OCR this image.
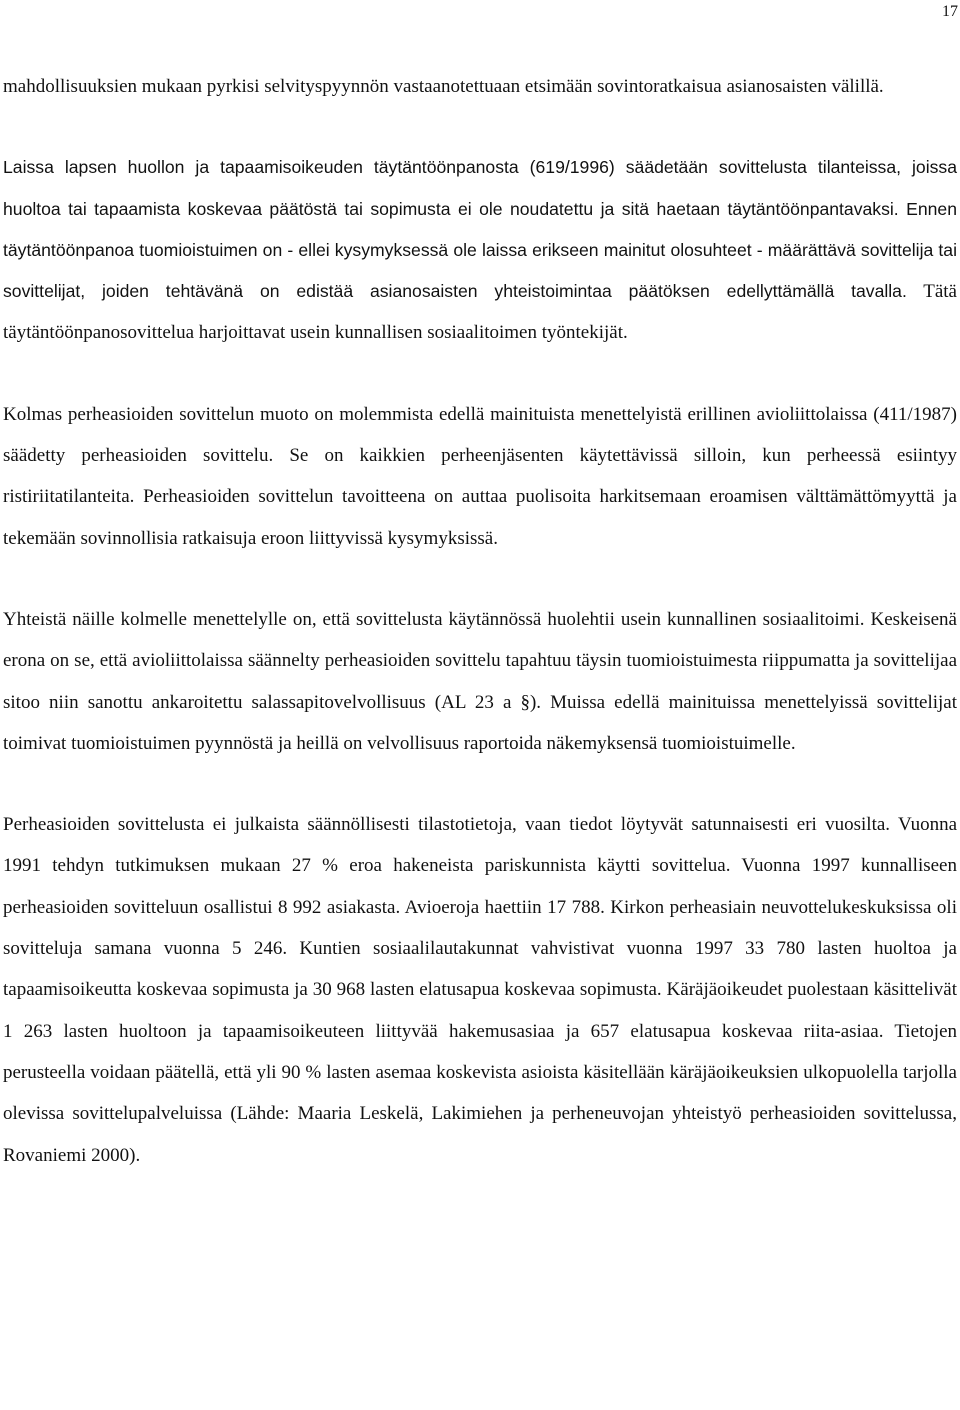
17

mahdollisuuksien mukaan pyrkisi selvityspyynnön vastaanotettuaan etsimään sovintoratkaisua asianosaisten välillä.

Laissa lapsen huollon ja tapaamisoikeuden täytäntöönpanosta (619/1996) säädetään sovittelusta tilanteissa, joissa huoltoa tai tapaamista koskevaa päätöstä tai sopimusta ei ole noudatettu ja sitä haetaan täytäntöönpantavaksi. Ennen täytäntöönpanoa tuomioistuimen on - ellei kysymyksessä ole laissa erikseen mainitut olosuhteet - määrättävä sovittelija tai sovittelijat, joiden tehtävänä on edistää asianosaisten yhteistoimintaa päätöksen edellyttämällä tavalla. Tätä täytäntöönpanosovittelua harjoittavat usein kunnallisen sosiaalitoimen työntekijät.

Kolmas perheasioiden sovittelun muoto on molemmista edellä mainituista menettelyistä erillinen avioliittolaissa (411/1987) säädetty perheasioiden sovittelu. Se on kaikkien perheenjäsenten käytettävissä silloin, kun perheessä esiintyy ristiriitatilanteita. Perheasioiden sovittelun tavoitteena on auttaa puolisoita harkitsemaan eroamisen välttämättömyyttä ja tekemään sovinnollisia ratkaisuja eroon liittyvissä kysymyksissä.

Yhteistä näille kolmelle menettelylle on, että sovittelusta käytännössä huolehtii usein kunnallinen sosiaalitoimi. Keskeisenä erona on se, että avioliittolaissa säännelty perheasioiden sovittelu tapahtuu täysin tuomioistuimesta riippumatta ja sovittelijaa sitoo niin sanottu ankaroitettu salassapitovelvollisuus (AL 23 a §). Muissa edellä mainituissa menettelyissä sovittelijat toimivat tuomioistuimen pyynnöstä ja heillä on velvollisuus raportoida näkemyksensä tuomioistuimelle.

Perheasioiden sovittelusta ei julkaista säännöllisesti tilastotietoja, vaan tiedot löytyvät satunnaisesti eri vuosilta. Vuonna 1991 tehdyn tutkimuksen mukaan 27 % eroa hakeneista pariskunnista käytti sovittelua. Vuonna 1997 kunnalliseen perheasioiden sovitteluun osallistui 8 992 asiakasta. Avioeroja haettiin 17 788. Kirkon perheasiain neuvottelukeskuksissa oli sovitteluja samana vuonna 5 246. Kuntien sosiaalilautakunnat vahvistivat vuonna 1997 33 780 lasten huoltoa ja tapaamisoikeutta koskevaa sopimusta ja 30 968 lasten elatusapua koskevaa sopimusta. Käräjäoikeudet puolestaan käsittelivät 1 263 lasten huoltoon ja tapaamisoikeuteen liittyvää hakemusasiaa ja 657 elatusapua koskevaa riita-asiaa. Tietojen perusteella voidaan päätellä, että yli 90 % lasten asemaa koskevista asioista käsitellään käräjäoikeuksien ulkopuolella tarjolla olevissa sovittelupalveluissa (Lähde: Maaria Leskelä, Lakimiehen ja perheneuvojan yhteistyö perheasioiden sovittelussa, Rovaniemi 2000).
